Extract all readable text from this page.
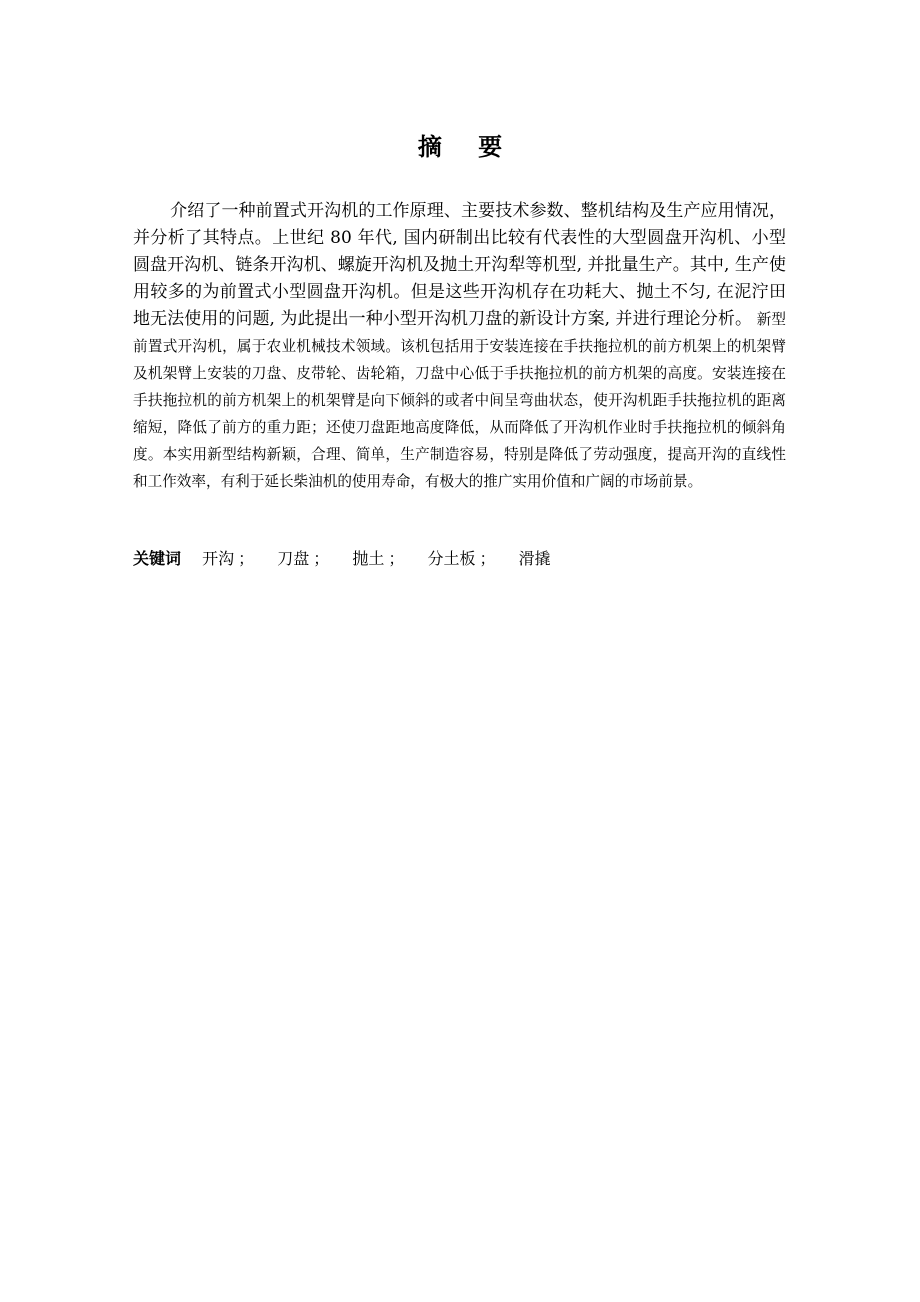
摘 要

介绍了一种前置式开沟机的工作原理、主要技术参数、整机结构及生产应用情况，并分析了其特点。上世纪 80 年代, 国内研制出比较有代表性的大型圆盘开沟机、小型圆盘开沟机、链条开沟机、螺旋开沟机及抛土开沟犁等机型, 并批量生产。其中, 生产使用较多的为前置式小型圆盘开沟机。但是这些开沟机存在功耗大、抛土不匀, 在泥泞田地无法使用的问题, 为此提出一种小型开沟机刀盘的新设计方案, 并进行理论分析。 新型前置式开沟机，属于农业机械技术领域。该机包括用于安装连接在手扶拖拉机的前方机架上的机架臂及机架臂上安装的刀盘、皮带轮、齿轮箱，刀盘中心低于手扶拖拉机的前方机架的高度。安装连接在手扶拖拉机的前方机架上的机架臂是向下倾斜的或者中间呈弯曲状态，使开沟机距手扶拖拉机的距离缩短，降低了前方的重力距；还使刀盘距地高度降低，从而降低了开沟机作业时手扶拖拉机的倾斜角度。本实用新型结构新颖，合理、简单，生产制造容易，特别是降低了劳动强度，提高开沟的直线性和工作效率，有利于延长柴油机的使用寿命，有极大的推广实用价值和广阔的市场前景。

关键词 开沟 ； 刀盘 ； 抛土 ； 分土板 ； 滑撬
